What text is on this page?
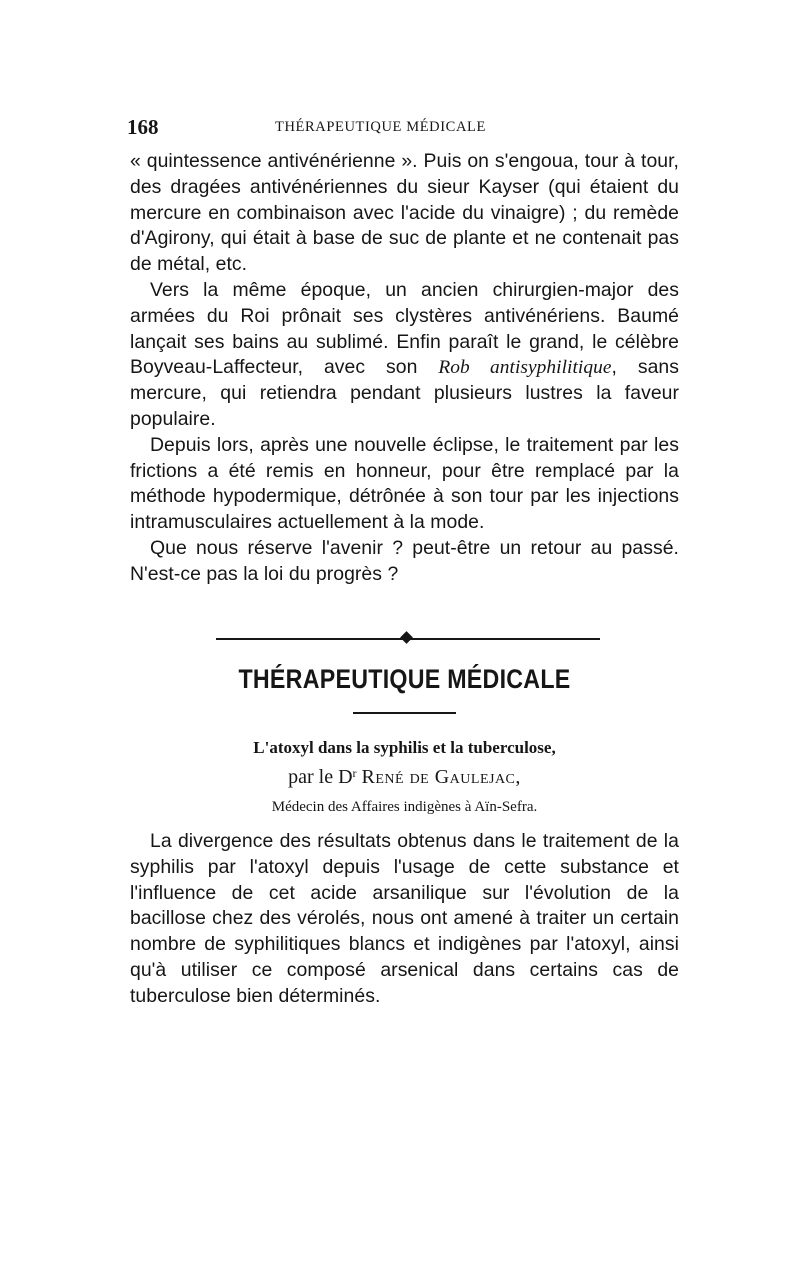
168	THÉRAPEUTIQUE MÉDICALE

« quintessence antivénérienne ». Puis on s'engoua, tour à tour, des dragées antivénériennes du sieur Kayser (qui étaient du mercure en combinaison avec l'acide du vinaigre) ; du remède d'Agirony, qui était à base de suc de plante et ne contenait pas de métal, etc.

Vers la même époque, un ancien chirurgien-major des armées du Roi prônait ses clystères antivénériens. Baumé lançait ses bains au sublimé. Enfin paraît le grand, le célèbre Boyveau-Laffecteur, avec son Rob antisyphilitique, sans mercure, qui retiendra pendant plusieurs lustres la faveur populaire.

Depuis lors, après une nouvelle éclipse, le traitement par les frictions a été remis en honneur, pour être remplacé par la méthode hypodermique, détrônée à son tour par les injections intramusculaires actuellement à la mode.

Que nous réserve l'avenir ? peut-être un retour au passé. N'est-ce pas la loi du progrès ?

THÉRAPEUTIQUE MÉDICALE
L'atoxyl dans la syphilis et la tuberculose,
par le $D^r$ René de Gaulejac,
Médecin des Affaires indigènes à Aïn-Sefra.

La divergence des résultats obtenus dans le traitement de la syphilis par l'atoxyl depuis l'usage de cette substance et l'influence de cet acide arsanilique sur l'évolution de la bacillose chez des vérolés, nous ont amené à traiter un certain nombre de syphilitiques blancs et indigènes par l'atoxyl, ainsi qu'à utiliser ce composé arsenical dans certains cas de tuberculose bien déterminés.
